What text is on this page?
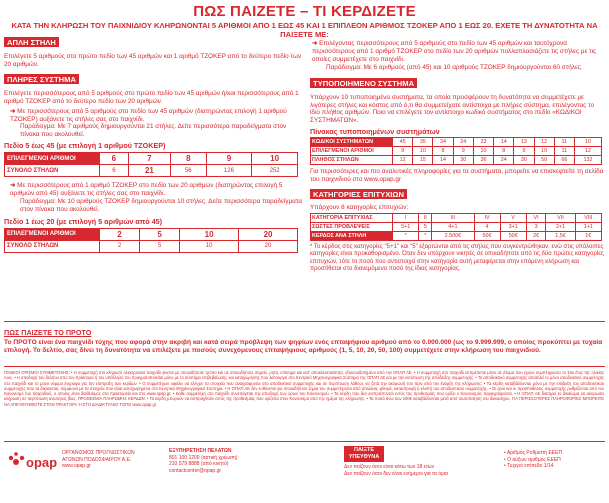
ΠΩΣ ΠΑΙΖΕΤΕ – ΤΙ ΚΕΡΔΙΖΕΤΕ
ΚΑΤΑ ΤΗΝ ΚΛΗΡΩΣΗ ΤΟΥ ΠΑΙΧΝΙΔΙΟΥ ΚΛΗΡΩΝΟΝΤΑΙ 5 ΑΡΙΘΜΟΙ ΑΠΟ 1 ΕΩΣ 45 ΚΑΙ 1 ΕΠΙΠΛΕΟΝ ΑΡΙΘΜΟΣ ΤΖΟΚΕΡ ΑΠΟ 1 ΕΩΣ 20. ΕΧΕΤΕ ΤΗ ΔΥΝΑΤΟΤΗΤΑ ΝΑ ΠΑΙΞΕΤΕ ΜΕ:
ΑΠΛΗ ΣΤΗΛΗ

Επιλέγετε 5 αριθμούς στο πρώτο πεδίο των 45 αριθμών και 1 αριθμό ΤΖΟΚΕΡ από το δεύτερο πεδίο των 20 αριθμών.

ΠΛΗΡΕΣ ΣΥΣΤΗΜΑ

Επιλέγετε περισσότερους από 5 αριθμούς στο πρώτο πεδίο των 45 αριθμών ή/και περισσότερους από 1 αριθμό ΤΖΟΚΕΡ από το δεύτερο πεδίο των 20 αριθμών.

➜ Με περισσότερους από 5 αριθμούς στο πεδίο των 45 αριθμών (διατηρώντας επιλογή 1 αριθμού ΤΖΟΚΕΡ) αυξάνετε τις στήλες σας στο παιχνίδι.

Παράδειγμα: Με 7 αριθμούς δημιουργούνται 21 στήλες. Δείτε περισσότερα παραδείγματα στον πίνακα που ακολουθεί.

Πεδίο 5 έως 45 (με επιλογή 1 αριθμού ΤΖΟΚΕΡ)
ΕΠΙΛΕΓΜΕΝΟΙ ΑΡΙΘΜΟΙ	6	7	8	9	10
ΣΥΝΟΛΟ ΣΤΗΛΩΝ	6	21	56	126	252

➜ Με περισσότερους από 1 αριθμό ΤΖΟΚΕΡ στο πεδίο των 20 αριθμών (διατηρώντας επιλογή 5 αριθμών από 45) αυξάνετε τις στήλες σας στο παιχνίδι.

Παράδειγμα: Με 10 αριθμούς ΤΖΟΚΕΡ δημιουργούνται 10 στήλες. Δείτε περισσότερα παραδείγματα στον πίνακα που ακολουθεί.

Πεδίο 1 έως 20 (με επιλογή 5 αριθμών από 45)
ΕΠΙΛΕΓΜΕΝΟΙ ΑΡΙΘΜΟΙ	2	5	10	20
ΣΥΝΟΛΟ ΣΤΗΛΩΝ	2	5	10	20

➜ Επιλέγοντας περισσότερους από 5 αριθμούς στο πεδίο των 45 αριθμών και ταυτόχρονα περισσότερους από 1 αριθμό ΤΖΟΚΕΡ στο πεδίο των 20 αριθμών πολλαπλασιάζετε τις στήλες με τις οποίες συμμετέχετε στο παιχνίδι.

Παράδειγμα: Με 6 αριθμούς (από 45) και 10 αριθμούς ΤΖΟΚΕΡ δημιουργούνται 60 στήλες.

ΤΥΠΟΠΟΙΗΜΕΝΟ ΣΥΣΤΗΜΑ

Υπάρχουν 10 τυποποιημένα συστήματα, τα οποία προσφέρουν τη δυνατότητα να συμμετέχετε με λιγότερες στήλες και κόστος από ό,τι θα συμμετείχατε αντίστοιχα με πλήρες σύστημα, επιλέγοντας το ίδιο πλήθος αριθμών. Ποιο να επιλέγετε τον αντίστοιχο κωδικό συστήματος στο πεδίο «ΚΩΔΙΚΟΙ ΣΥΣΤΗΜΑΤΩΝ».

Πίνακας τυποποιημένων συστημάτων
ΚΩΔΙΚΟΙ ΣΥΣΤΗΜΑΤΩΝ	45	35	34	24	23	14	13	12	11	10
ΕΠΙΛΕΓΜΕΝΟΙ ΑΡΙΘΜΟΙ	9	10	8	9	10	8	9	10	11	12
ΠΛΗΘΟΣ ΣΤΗΛΩΝ	12	15	14	30	36	24	30	50	66	132

Για περισσότερες και πιο αναλυτικές πληροφορίες για τα συστήματα, μπορείτε να επισκεφτείτε τη σελίδα του παιχνιδιού στο www.opap.gr

ΚΑΤΗΓΟΡΙΕΣ ΕΠΙΤΥΧΙΩΝ

Υπάρχουν 8 κατηγορίες επιτυχιών:

ΚΑΤΗΓΟΡΙΑ ΕΠΙΤΥΧΙΑΣ	I	II	III	IV	V	VI	VII	VIII
ΣΩΣΤΕΣ ΠΡΟΒΛΕΨΕΙΣ	5+1	5	4+1	4	3+1	3	2+1	1+1
ΚΕΡΔΟΣ ΑΝΑ ΣΤΗΛΗ	*	*	2.500€	50€	50€	2€	1,5€	1€

* Το κέρδος στις κατηγορίες "5+1" και "5" εξαρτώνται από τις στήλες που συγκεντρώθηκαν, ενώ στις υπόλοιπες κατηγορίες είναι προκαθορισμένο. Όταν δεν υπάρχουν νικητές σε οποιαδήποτε από τις δύο πρώτες κατηγορίες επιτυχιών, τότε το ποσό που αντιστοιχεί στην κατηγορία αυτή μεταφέρεται στην επόμενη κλήρωση και προστίθεται στο διανεμόμενο ποσό της ίδιας κατηγορίας.

ΠΩΣ ΠΑΙΖΕΤΕ ΤΟ ΠΡΟΤΟ

Το ΠΡΟΤΟ είναι ένα παιχνίδι τύχης που αφορά στην ακριβή και κατά σειρά πρόβλεψη των ψηφίων ενός επταψήφιου αριθμού από το 0.000.000 (ως το 9.999.999, ο οποίος προκύπτει με τυχαία επιλογή. Το δελτίο, σας δίνει τη δυνατότητα να επιλέξετε με ποσούς συνεχόμενους επταψήφιους αριθμούς (1, 5, 10, 20, 50, 100) συμμετέχετε στην κλήρωση του παιχνιδιού.

ΓΕΝΙΚΟΙ ΟΡΙΣΜΟΙ ΣΥΜΜΕΤΟΧΗΣ: • Η συμμετοχή στο κληρωτό ηλεκτρονικό παιχνίδι γίνεται με οποιοδήποτε τρόπο και σε οποιοδήποτε σημείο, ρητά, επίσημα και κατ' αποκλειστικότητα, εξουσιοδοτημένο από την ΟΠΑΠ ΑΕ. • Η συμμετοχή στο παιχνίδι επιτρέπεται μόνο σε άτομα που έχουν συμπληρώσει το 18ο έτος της ηλικίας τους. • Η αποδοχή του δελτίου από τον πράκτορα ή τον υπάλληλό του πραγματοποιείται μόνο με το σύστημα επιβεβαίωσης και καταχώρησης που λειτουργεί στο Κεντρικό Μηχανογραφικό Σύστημα της ΟΠΑΠ ΑΕ και με την εκτύπωση της απόδειξης συμμετοχής. • Το αποδεικτικό συμμετοχής αποτελεί το μόνο αποδεικτικό συμμετοχής στο παιχνίδι και το μόνο νόμιμο έγγραφο για την είσπραξη των κερδών. • Ο συμμετέχων οφείλει να ελέγχει τα στοιχεία που αναγράφονται στο αποδεικτικό συμμετοχής και σε περίπτωση λάθους να ζητά την ακύρωσή του πριν από την έναρξη της κλήρωσης. • Τα κέρδη καταβάλλονται μόνο με την επίδειξη του αποδεικτικού συμμετοχής που τα δικαιούται, σύμφωνα με τα στοιχεία που είναι καταχωρημένα στο Κεντρικό Μηχανογραφικό Σύστημα. • Η ΟΠΑΠ ΑΕ δεν ευθύνεται για οποιαδήποτε ζημία του συμμετέχοντα από απώλεια, φθορά, καταστροφή ή κλοπή του αποδεικτικού συμμετοχής. • Οι όροι και οι προϋποθέσεις συμμετοχής ρυθμίζονται από τον Κανονισμό του παιχνιδιού, ο οποίος είναι διαθέσιμος στα πρακτορεία και στο www.opap.gr. • Κάθε συμμετοχή στο παιχνίδι συνεπάγεται την αποδοχή των όρων του Κανονισμού. • Τα κέρδη που δεν εισπράττονται εντός της προθεσμίας που ορίζει ο Κανονισμός παραγράφονται. • Η ΟΠΑΠ ΑΕ διατηρεί το δικαίωμα να ακυρώσει κλήρωση σε περίπτωση ανωτέρας βίας. ΠΡΟΘΕΣΜΙΑ ΠΛΗΡΩΜΗΣ ΚΕΡΔΩΝ: • Τα κέρδη μπορούν να εισπραχθούν εντός της προθεσμίας που ορίζεται στον Κανονισμό από την ημέρα της κλήρωσης. • Τα ποσά άνω των 100€ καταβάλλονται μετά από ταυτοποίηση του δικαιούχου. ΓΙΑ ΠΕΡΙΣΣΟΤΕΡΕΣ ΠΛΗΡΟΦΟΡΙΕΣ ΜΠΟΡΕΙΤΕ ΝΑ ΑΠΕΥΘΥΝΘΕΙΤΕ ΣΤΟΝ ΠΡΑΚΤΟΡΑ Ή ΣΤΟ ΔΙΑΔΙΚΤΥΑΚΟ ΤΟΠΟ www.opap.gr
opap
ΟΡΓΑΝΙΣΜΟΣ ΠΡΟΓΝΩΣΤΙΚΩΝ
ΑΓΩΝΩΝ ΠΟΔΟΣΦΑΙΡΟΥ Α.Ε.
www.opap.gr
ΕΞΥΠΗΡΕΤΗΣΗ ΠΕΛΑΤΩΝ
801 100 1200 (αστική χρέωση)
210 579 8888 (από κινητό)
contactcenter@opap.gr
ΠΑΙΞΤΕ
ΥΠΕΥΘΥΝΑ
Δεν παίζουν όσοι είναι κάτω των 18 ετών
Δεν παίζουν όσοι δεν είναι ενήμεροι για τα όρια
• Αριθμός Ρυθμιστή ΕΕΕΠ
• Ο αύξων αριθμός ΕΕΕΠ
• Τυχερό επίπεδο 1/14
